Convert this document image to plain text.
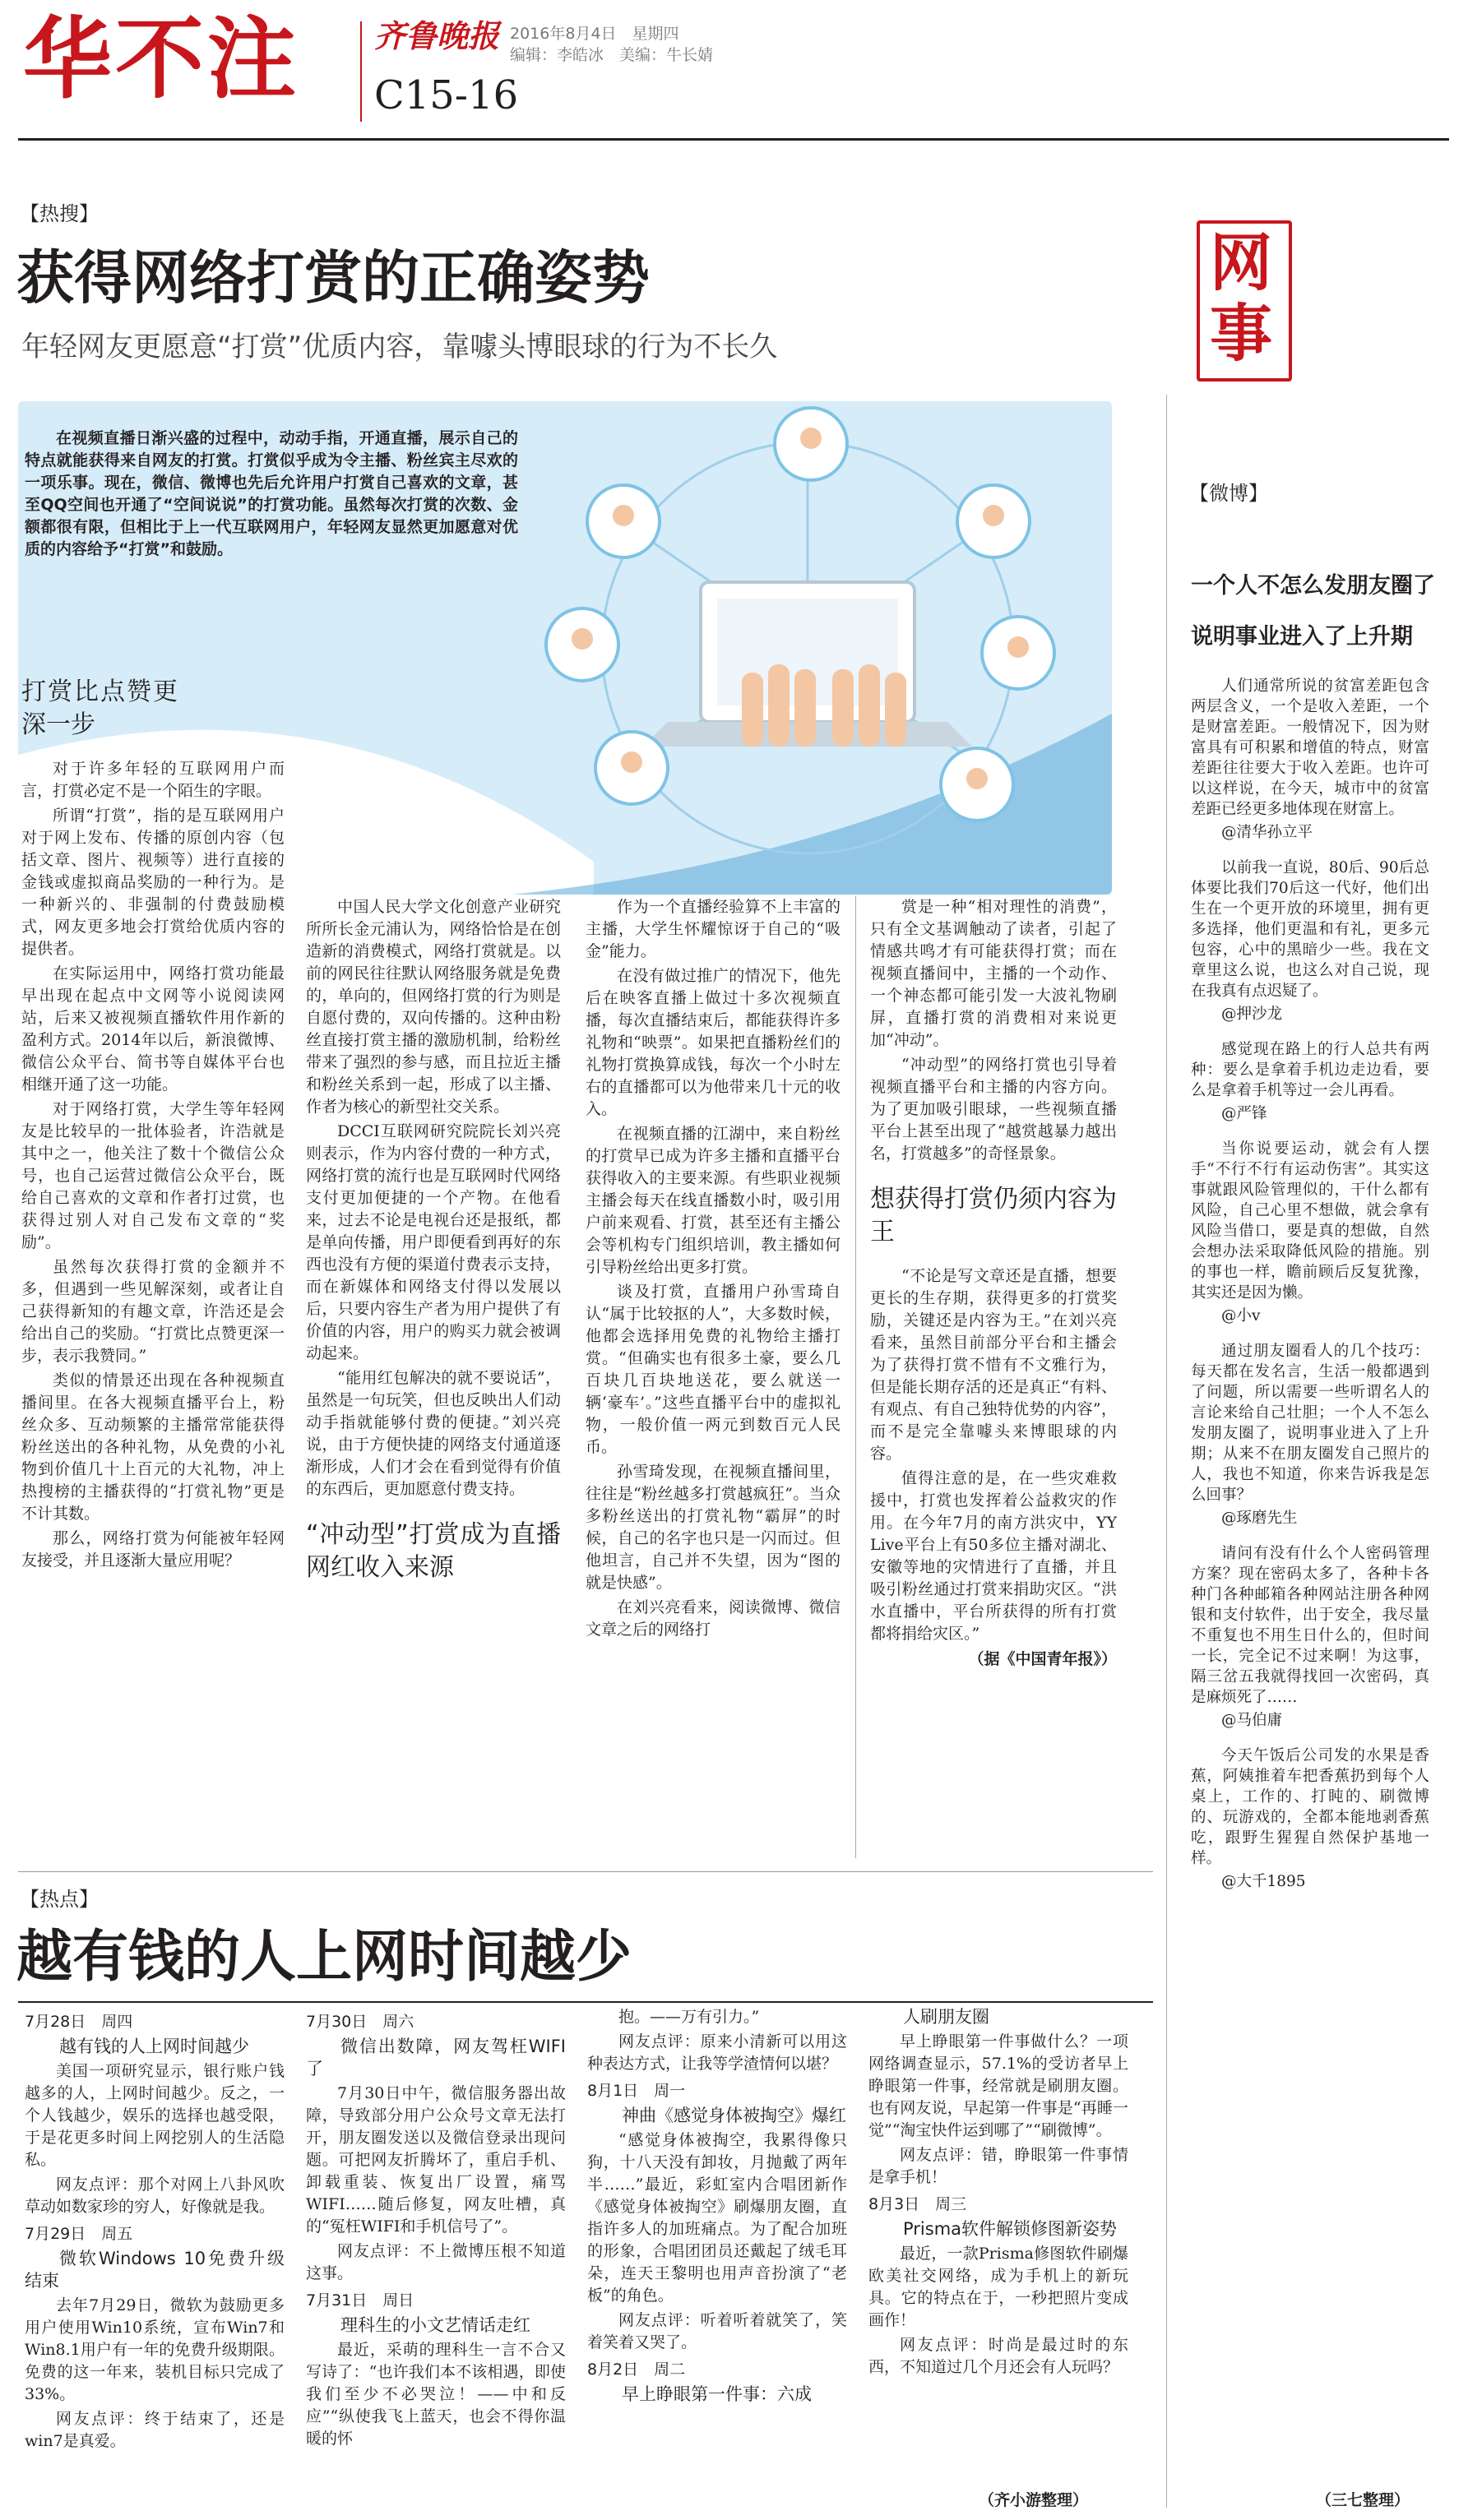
华不注 齐鲁晚报 2016年8月4日　星期四
编辑：李皓冰　美编：牛长婧
C15-16
网
事
【热搜】
获得网络打赏的正确姿势
年轻网友更愿意“打赏”优质内容，靠噱头博眼球的行为不长久
在视频直播日渐兴盛的过程中，动动手指，开通直播，展示自己的特点就能获得来自网友的打赏。打赏似乎成为令主播、粉丝宾主尽欢的一项乐事。现在，微信、微博也先后允许用户打赏自己喜欢的文章，甚至QQ空间也开通了“空间说说”的打赏功能。虽然每次打赏的次数、金额都很有限，但相比于上一代互联网用户，年轻网友显然更加愿意对优质的内容给予“打赏”和鼓励。
打赏比点赞更深一步

对于许多年轻的互联网用户而言，打赏必定不是一个陌生的字眼。

所谓“打赏”，指的是互联网用户对于网上发布、传播的原创内容（包括文章、图片、视频等）进行直接的金钱或虚拟商品奖励的一种行为。是一种新兴的、非强制的付费鼓励模式，网友更多地会打赏给优质内容的提供者。

在实际运用中，网络打赏功能最早出现在起点中文网等小说阅读网站，后来又被视频直播软件用作新的盈利方式。2014年以后，新浪微博、微信公众平台、简书等自媒体平台也相继开通了这一功能。

对于网络打赏，大学生等年轻网友是比较早的一批体验者，许浩就是其中之一，他关注了数十个微信公众号，也自己运营过微信公众平台，既给自己喜欢的文章和作者打过赏，也获得过别人对自己发布文章的“奖励”。

虽然每次获得打赏的金额并不多，但遇到一些见解深刻，或者让自己获得新知的有趣文章，许浩还是会给出自己的奖励。“打赏比点赞更深一步，表示我赞同。”

类似的情景还出现在各种视频直播间里。在各大视频直播平台上，粉丝众多、互动频繁的主播常常能获得粉丝送出的各种礼物，从免费的小礼物到价值几十上百元的大礼物，冲上热搜榜的主播获得的“打赏礼物”更是不计其数。

那么，网络打赏为何能被年轻网友接受，并且逐渐大量应用呢？

中国人民大学文化创意产业研究所所长金元浦认为，网络恰恰是在创造新的消费模式，网络打赏就是。以前的网民往往默认网络服务就是免费的，单向的，但网络打赏的行为则是自愿付费的，双向传播的。这种由粉丝直接打赏主播的激励机制，给粉丝带来了强烈的参与感，而且拉近主播和粉丝关系到一起，形成了以主播、作者为核心的新型社交关系。

DCCI互联网研究院院长刘兴亮则表示，作为内容付费的一种方式，网络打赏的流行也是互联网时代网络支付更加便捷的一个产物。在他看来，过去不论是电视台还是报纸，都是单向传播，用户即便看到再好的东西也没有方便的渠道付费表示支持，而在新媒体和网络支付得以发展以后，只要内容生产者为用户提供了有价值的内容，用户的购买力就会被调动起来。

“能用红包解决的就不要说话”，虽然是一句玩笑，但也反映出人们动动手指就能够付费的便捷。”刘兴亮说，由于方便快捷的网络支付通道逐渐形成，人们才会在看到觉得有价值的东西后，更加愿意付费支持。

“冲动型”打赏成为直播网红收入来源

作为一个直播经验算不上丰富的主播，大学生怀耀惊讶于自己的“吸金”能力。

在没有做过推广的情况下，他先后在映客直播上做过十多次视频直播，每次直播结束后，都能获得许多礼物和“映票”。如果把直播粉丝们的礼物打赏换算成钱，每次一个小时左右的直播都可以为他带来几十元的收入。

在视频直播的江湖中，来自粉丝的打赏早已成为许多主播和直播平台获得收入的主要来源。有些职业视频主播会每天在线直播数小时，吸引用户前来观看、打赏，甚至还有主播公会等机构专门组织培训，教主播如何引导粉丝给出更多打赏。

谈及打赏，直播用户孙雪琦自认“属于比较抠的人”，大多数时候，他都会选择用免费的礼物给主播打赏。“但确实也有很多土豪，要么几百块几百块地送花，要么就送一辆‘豪车’。”这些直播平台中的虚拟礼物，一般价值一两元到数百元人民币。

孙雪琦发现，在视频直播间里，往往是“粉丝越多打赏越疯狂”。当众多粉丝送出的打赏礼物“霸屏”的时候，自己的名字也只是一闪而过。但他坦言，自己并不失望，因为“图的就是快感”。

在刘兴亮看来，阅读微博、微信文章之后的网络打

赏是一种“相对理性的消费”，只有全文基调触动了读者，引起了情感共鸣才有可能获得打赏；而在视频直播间中，主播的一个动作、一个神态都可能引发一大波礼物刷屏，直播打赏的消费相对来说更加“冲动”。

“冲动型”的网络打赏也引导着视频直播平台和主播的内容方向。为了更加吸引眼球，一些视频直播平台上甚至出现了“越赏越暴力越出名，打赏越多”的奇怪景象。

想获得打赏仍须内容为王

“不论是写文章还是直播，想要更长的生存期，获得更多的打赏奖励，关键还是内容为王。”在刘兴亮看来，虽然目前部分平台和主播会为了获得打赏不惜有不文雅行为，但是能长期存活的还是真正“有料、有观点、有自己独特优势的内容”，而不是完全靠噱头来博眼球的内容。

值得注意的是，在一些灾难救援中，打赏也发挥着公益救灾的作用。在今年7月的南方洪灾中，YY Live平台上有50多位主播对湖北、安徽等地的灾情进行了直播，并且吸引粉丝通过打赏来捐助灾区。“洪水直播中，平台所获得的所有打赏都将捐给灾区。”

（据《中国青年报》）

【热点】
越有钱的人上网时间越少

7月28日　周四

越有钱的人上网时间越少

美国一项研究显示，银行账户钱越多的人，上网时间越少。反之，一个人钱越少，娱乐的选择也越受限，于是花更多时间上网挖别人的生活隐私。

网友点评：那个对网上八卦风吹草动如数家珍的穷人，好像就是我。

7月29日　周五

微软Windows 10免费升级结束

去年7月29日，微软为鼓励更多用户使用Win10系统，宣布Win7和Win8.1用户有一年的免费升级期限。免费的这一年来，装机目标只完成了33%。

网友点评：终于结束了，还是win7是真爱。

7月30日　周六

微信出数障，网友驾枉WIFI了

7月30日中午，微信服务器出故障，导致部分用户公众号文章无法打开，朋友圈发送以及微信登录出现问题。可把网友折腾坏了，重启手机、卸载重装、恢复出厂设置，痛骂WIFI……随后修复，网友吐槽，真的“冤枉WIFI和手机信号了”。

网友点评：不上微博压根不知道这事。

7月31日　周日

理科生的小文艺情话走红

最近，采萌的理科生一言不合又写诗了：“也许我们本不该相遇，即使我们至少不必哭泣！——中和反应”“纵使我飞上蓝天，也会不得你温暖的怀

抱。——万有引力。”

网友点评：原来小清新可以用这种表达方式，让我等学渣情何以堪？

8月1日　周一

神曲《感觉身体被掏空》爆红

“感觉身体被掏空，我累得像只狗，十八天没有卸妆，月抛戴了两年半……”最近，彩虹室内合唱团新作《感觉身体被掏空》刷爆朋友圈，直指许多人的加班痛点。为了配合加班的形象，合唱团团员还戴起了绒毛耳朵，连天王黎明也用声音扮演了“老板”的角色。

网友点评：听着听着就笑了，笑着笑着又哭了。

8月2日　周二

早上睁眼第一件事：六成

人刷朋友圈

早上睁眼第一件事做什么？一项网络调查显示，57.1%的受访者早上睁眼第一件事，经常就是刷朋友圈。也有网友说，早起第一件事是“再睡一觉”“淘宝快件运到哪了”“刷微博”。

网友点评：错，睁眼第一件事情是拿手机！

8月3日　周三

Prisma软件解锁修图新姿势

最近，一款Prisma修图软件刷爆欧美社交网络，成为手机上的新玩具。它的特点在于，一秒把照片变成画作！

网友点评：时尚是最过时的东西，不知道过几个月还会有人玩吗？

（齐小游整理）
【微博】
一个人不怎么发朋友圈了
说明事业进入了上升期

人们通常所说的贫富差距包含两层含义，一个是收入差距，一个是财富差距。一般情况下，因为财富具有可积累和增值的特点，财富差距往往要大于收入差距。也许可以这样说，在今天，城市中的贫富差距已经更多地体现在财富上。

@清华孙立平

以前我一直说，80后、90后总体要比我们70后这一代好，他们出生在一个更开放的环境里，拥有更多选择，他们更温和有礼，更多元包容，心中的黑暗少一些。我在文章里这么说，也这么对自己说，现在我真有点迟疑了。

@押沙龙

感觉现在路上的行人总共有两种：要么是拿着手机边走边看，要么是拿着手机等过一会儿再看。

@严锋

当你说要运动，就会有人摆手“不行不行有运动伤害”。其实这事就跟风险管理似的，干什么都有风险，自己心里不想做，就会拿有风险当借口，要是真的想做，自然会想办法采取降低风险的措施。别的事也一样，瞻前顾后反复犹豫，其实还是因为懒。

@小v

通过朋友圈看人的几个技巧：每天都在发名言，生活一般都遇到了问题，所以需要一些听谓名人的言论来给自己壮胆；一个人不怎么发朋友圈了，说明事业进入了上升期；从来不在朋友圈发自己照片的人，我也不知道，你来告诉我是怎么回事？

@琢磨先生

请问有没有什么个人密码管理方案？现在密码太多了，各种卡各种门各种邮箱各种网站注册各种网银和支付软件，出于安全，我尽量不重复也不用生日什么的，但时间一长，完全记不过来啊！为这事，隔三岔五我就得找回一次密码，真是麻烦死了……

@马伯庸

今天午饭后公司发的水果是香蕉，阿姨推着车把香蕉扔到每个人桌上，工作的、打盹的、刷微博的、玩游戏的，全都本能地剥香蕉吃，跟野生猩猩自然保护基地一样。

@大千1895

（三七整理）
